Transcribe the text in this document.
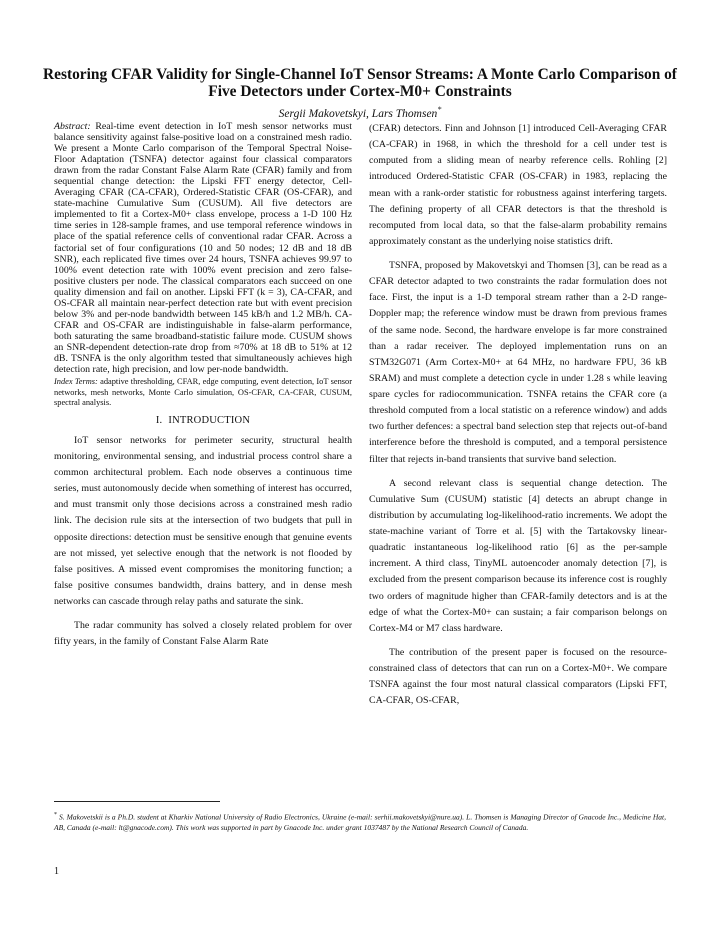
Restoring CFAR Validity for Single-Channel IoT Sensor Streams: A Monte Carlo Comparison of Five Detectors under Cortex-M0+ Constraints
Sergii Makovetskyi, Lars Thomsen*

Abstract: Real-time event detection in IoT mesh sensor networks must balance sensitivity against false-positive load on a constrained mesh radio. We present a Monte Carlo comparison of the Temporal Spectral Noise-Floor Adaptation (TSNFA) detector against four classical comparators drawn from the radar Constant False Alarm Rate (CFAR) family and from sequential change detection: the Lipski FFT energy detector, Cell-Averaging CFAR (CA-CFAR), Ordered-Statistic CFAR (OS-CFAR), and state-machine Cumulative Sum (CUSUM). All five detectors are implemented to fit a Cortex-M0+ class envelope, process a 1-D 100 Hz time series in 128-sample frames, and use temporal reference windows in place of the spatial reference cells of conventional radar CFAR. Across a factorial set of four configurations (10 and 50 nodes; 12 dB and 18 dB SNR), each replicated five times over 24 hours, TSNFA achieves 99.97 to 100% event detection rate with 100% event precision and zero false-positive clusters per node. The classical comparators each succeed on one quality dimension and fail on another. Lipski FFT (k = 3), CA-CFAR, and OS-CFAR all maintain near-perfect detection rate but with event precision below 3% and per-node bandwidth between 145 kB/h and 1.2 MB/h. CA-CFAR and OS-CFAR are indistinguishable in false-alarm performance, both saturating the same broadband-statistic failure mode. CUSUM shows an SNR-dependent detection-rate drop from ≈70% at 18 dB to 51% at 12 dB. TSNFA is the only algorithm tested that simultaneously achieves high detection rate, high precision, and low per-node bandwidth.

Index Terms: adaptive thresholding, CFAR, edge computing, event detection, IoT sensor networks, mesh networks, Monte Carlo simulation, OS-CFAR, CA-CFAR, CUSUM, spectral analysis.

I. INTRODUCTION

IoT sensor networks for perimeter security, structural health monitoring, environmental sensing, and industrial process control share a common architectural problem. Each node observes a continuous time series, must autonomously decide when something of interest has occurred, and must transmit only those decisions across a constrained mesh radio link. The decision rule sits at the intersection of two budgets that pull in opposite directions: detection must be sensitive enough that genuine events are not missed, yet selective enough that the network is not flooded by false positives. A missed event compromises the monitoring function; a false positive consumes bandwidth, drains battery, and in dense mesh networks can cascade through relay paths and saturate the sink.

The radar community has solved a closely related problem for over fifty years, in the family of Constant False Alarm Rate

(CFAR) detectors. Finn and Johnson [1] introduced Cell-Averaging CFAR (CA-CFAR) in 1968, in which the threshold for a cell under test is computed from a sliding mean of nearby reference cells. Rohling [2] introduced Ordered-Statistic CFAR (OS-CFAR) in 1983, replacing the mean with a rank-order statistic for robustness against interfering targets. The defining property of all CFAR detectors is that the threshold is recomputed from local data, so that the false-alarm probability remains approximately constant as the underlying noise statistics drift.

TSNFA, proposed by Makovetskyi and Thomsen [3], can be read as a CFAR detector adapted to two constraints the radar formulation does not face. First, the input is a 1-D temporal stream rather than a 2-D range-Doppler map; the reference window must be drawn from previous frames of the same node. Second, the hardware envelope is far more constrained than a radar receiver. The deployed implementation runs on an STM32G071 (Arm Cortex-M0+ at 64 MHz, no hardware FPU, 36 kB SRAM) and must complete a detection cycle in under 1.28 s while leaving spare cycles for radiocommunication. TSNFA retains the CFAR core (a threshold computed from a local statistic on a reference window) and adds two further defences: a spectral band selection step that rejects out-of-band interference before the threshold is computed, and a temporal persistence filter that rejects in-band transients that survive band selection.

A second relevant class is sequential change detection. The Cumulative Sum (CUSUM) statistic [4] detects an abrupt change in distribution by accumulating log-likelihood-ratio increments. We adopt the state-machine variant of Torre et al. [5] with the Tartakovsky linear-quadratic instantaneous log-likelihood ratio [6] as the per-sample increment. A third class, TinyML autoencoder anomaly detection [7], is excluded from the present comparison because its inference cost is roughly two orders of magnitude higher than CFAR-family detectors and is at the edge of what the Cortex-M0+ can sustain; a fair comparison belongs on Cortex-M4 or M7 class hardware.

The contribution of the present paper is focused on the resource-constrained class of detectors that can run on a Cortex-M0+. We compare TSNFA against the four most natural classical comparators (Lipski FFT, CA-CFAR, OS-CFAR,

* S. Makovetskii is a Ph.D. student at Kharkiv National University of Radio Electronics, Ukraine (e-mail: serhii.makovetskyi@nure.ua). L. Thomsen is Managing Director of Gnacode Inc., Medicine Hat, AB, Canada (e-mail: lt@gnacode.com). This work was supported in part by Gnacode Inc. under grant 1037487 by the National Research Council of Canada.
1
